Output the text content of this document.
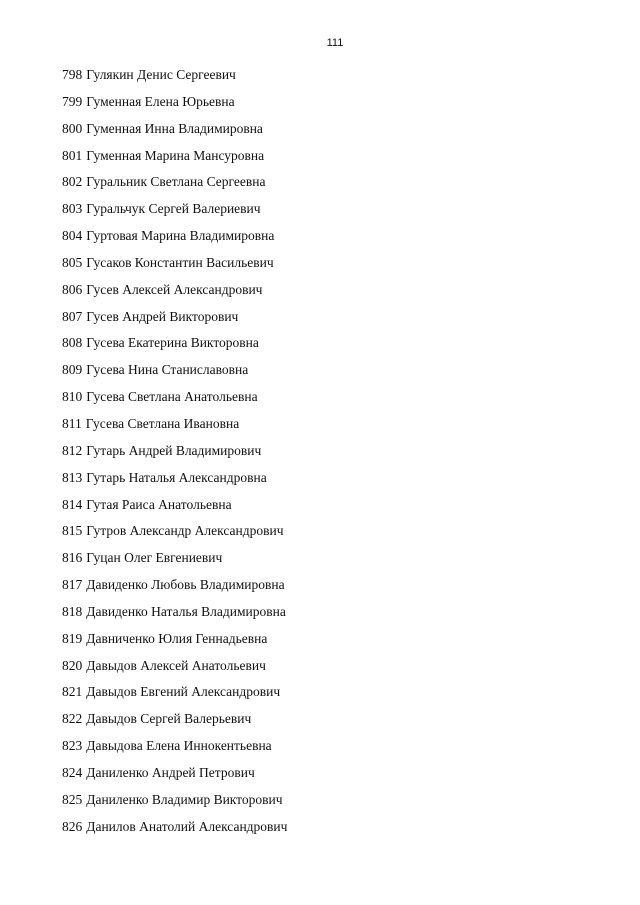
111
798 Гулякин Денис Сергеевич
799 Гуменная Елена Юрьевна
800 Гуменная Инна Владимировна
801 Гуменная Марина Мансуровна
802 Гуральник Светлана Сергеевна
803 Гуральчук Сергей Валериевич
804 Гуртовая Марина Владимировна
805 Гусаков Константин Васильевич
806 Гусев Алексей Александрович
807 Гусев Андрей Викторович
808 Гусева Екатерина Викторовна
809 Гусева Нина Станиславовна
810 Гусева Светлана Анатольевна
811 Гусева Светлана Ивановна
812 Гутарь Андрей Владимирович
813 Гутарь Наталья Александровна
814 Гутая Раиса Анатольевна
815 Гутров Александр Александрович
816 Гуцан Олег Евгениевич
817 Давиденко Любовь Владимировна
818 Давиденко Наталья Владимировна
819 Давниченко Юлия Геннадьевна
820 Давыдов Алексей Анатольевич
821 Давыдов Евгений Александрович
822 Давыдов Сергей Валерьевич
823 Давыдова Елена Иннокентьевна
824 Даниленко Андрей Петрович
825 Даниленко Владимир Викторович
826 Данилов Анатолий Александрович
